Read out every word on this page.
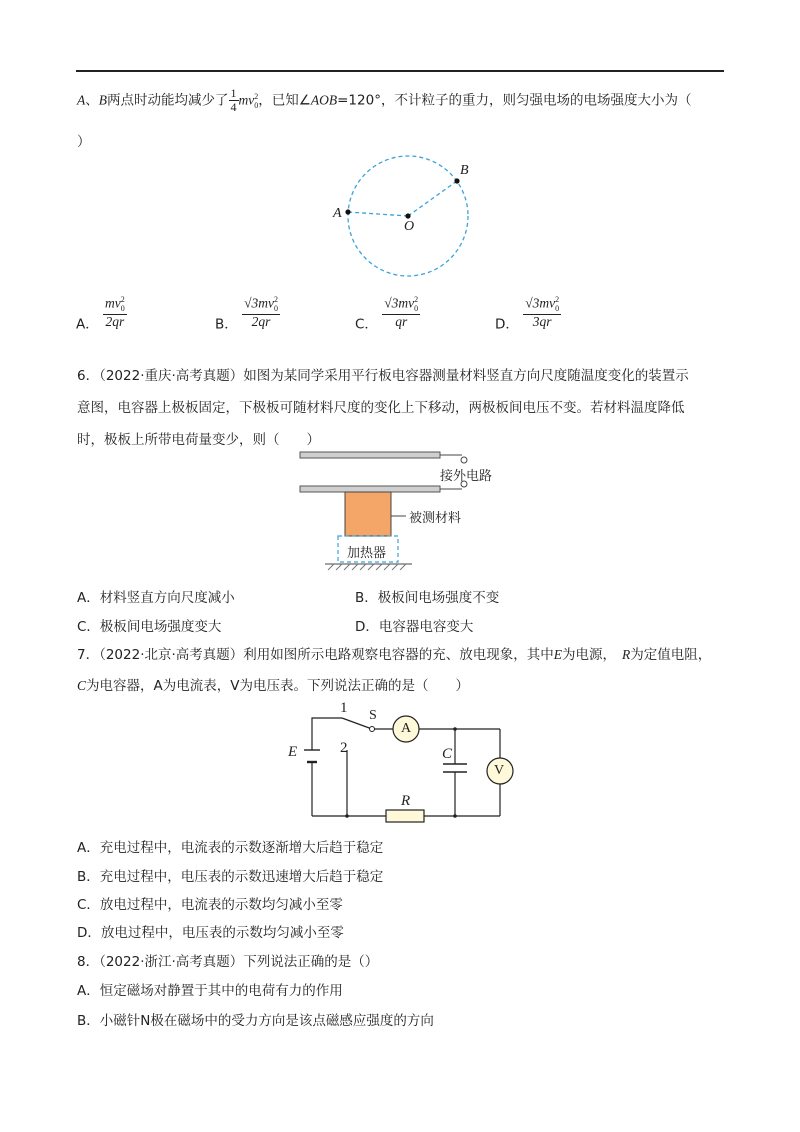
A、B两点时动能均减少了 $\frac{1}{4} mv_0^2$，已知∠AOB=120°，不计粒子的重力，则匀强电场的电场强度大小为（
）
A
B
O
A． $\frac{mv_0^2}{2qr}$	B． $\frac{√3mv_0^2}{2qr}$	C． $\frac{√3mv_0^2}{qr}$	D． $\frac{√3mv_0^2}{3qr}$
6．（2022·重庆·高考真题）如图为某同学采用平行板电容器测量材料竖直方向尺度随温度变化的装置示
意图，电容器上极板固定，下极板可随材料尺度的变化上下移动，两极板间电压不变。若材料温度降低
时，极板上所带电荷量变少，则（　　）
接外电路
被测材料
加热器
A．材料竖直方向尺度减小	B．极板间电场强度不变
C．极板间电场强度变大	D．电容器电容变大
7．（2022·北京·高考真题）利用如图所示电路观察电容器的充、放电现象，其中E为电源， R为定值电阻，
C为电容器，A为电流表，V为电压表。下列说法正确的是（　　）
1
2
S
A
E	C
V
R
A．充电过程中，电流表的示数逐渐增大后趋于稳定
B．充电过程中，电压表的示数迅速增大后趋于稳定
C．放电过程中，电流表的示数均匀减小至零
D．放电过程中，电压表的示数均匀减小至零
8．（2022·浙江·高考真题）下列说法正确的是（）
A．恒定磁场对静置于其中的电荷有力的作用
B．小磁针N极在磁场中的受力方向是该点磁感应强度的方向
